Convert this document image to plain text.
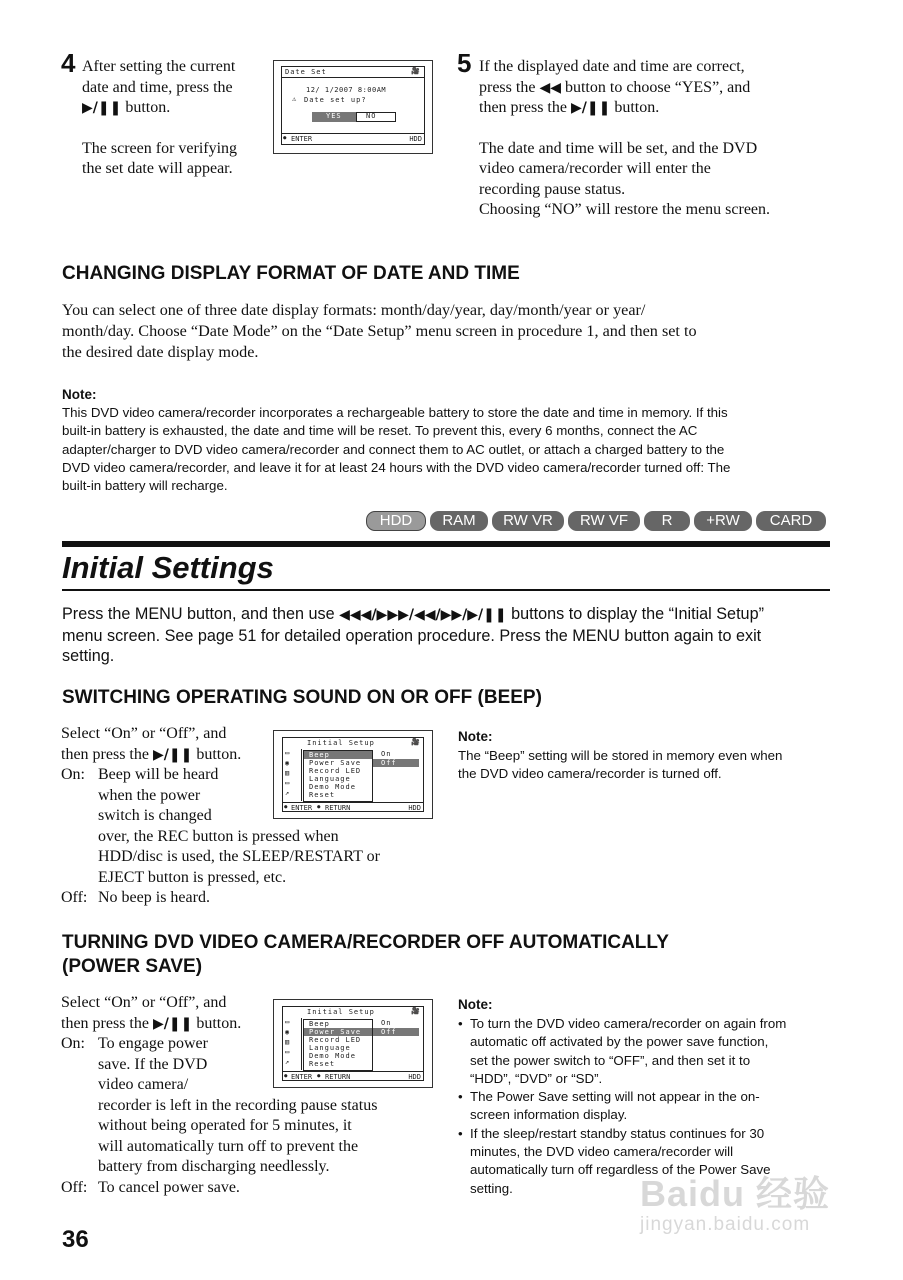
4 After setting the current
date and time, press the
▶/❚❚ button.
The screen for verifying
the set date will appear.
Date Set	🎥
12/ 1/2007 8:00AM
⚠ Date set up?
YES	NO
⏺ ENTER	HDD
5 If the displayed date and time are correct,
press the ◀◀ button to choose “YES”, and
then press the ▶/❚❚ button.
The date and time will be set, and the DVD
video camera/recorder will enter the
recording pause status.
Choosing “NO” will restore the menu screen.
CHANGING DISPLAY FORMAT OF DATE AND TIME
You can select one of three date display formats: month/day/year, day/month/year or year/
month/day. Choose “Date Mode” on the “Date Setup” menu screen in procedure 1, and then set to
the desired date display mode.
Note:
This DVD video camera/recorder incorporates a rechargeable battery to store the date and time in memory. If this
built-in battery is exhausted, the date and time will be reset. To prevent this, every 6 months, connect the AC
adapter/charger to DVD video camera/recorder and connect them to AC outlet, or attach a charged battery to the
DVD video camera/recorder, and leave it for at least 24 hours with the DVD video camera/recorder turned off: The
built-in battery will recharge.
HDD	RAM	RW VR	RW VF	R	+RW	CARD
Initial Settings
Press the MENU button, and then use ◀◀◀/▶▶▶/◀◀/▶▶/▶/❚❚ buttons to display the “Initial Setup”
menu screen. See page 51 for detailed operation procedure. Press the MENU button again to exit
setting.
SWITCHING OPERATING SOUND ON OR OFF (BEEP)
Select “On” or “Off”, and
then press the ▶/❚❚ button.
On: Beep will be heard
when the power
switch is changed
over, the REC button is pressed when
HDD/disc is used, the SLEEP/RESTART or
EJECT button is pressed, etc.
Off: No beep is heard.
Initial Setup	🎥
▭
◉
▥
▭
↗
Beep
Power Save
Record LED
Language
Demo Mode
Reset
On
Off
⏺ ENTER ⏺ RETURN	HDD
Note:
The “Beep” setting will be stored in memory even when
the DVD video camera/recorder is turned off.
TURNING DVD VIDEO CAMERA/RECORDER OFF AUTOMATICALLY
(POWER SAVE)
Select “On” or “Off”, and
then press the ▶/❚❚ button.
On: To engage power
save. If the DVD
video camera/
recorder is left in the recording pause status
without being operated for 5 minutes, it
will automatically turn off to prevent the
battery from discharging needlessly.
Off: To cancel power save.
Initial Setup	🎥
▭
◉
▥
▭
↗
Beep
Power Save
Record LED
Language
Demo Mode
Reset
On
Off
⏺ ENTER ⏺ RETURN	HDD
Note:
• To turn the DVD video camera/recorder on again from
automatic off activated by the power save function,
set the power switch to “OFF”, and then set it to
“HDD”, “DVD” or “SD”.
• The Power Save setting will not appear in the on-
screen information display.
• If the sleep/restart standby status continues for 30
minutes, the DVD video camera/recorder will
automatically turn off regardless of the Power Save
setting.	Baidu 经验
jingyan.baidu.com
36
